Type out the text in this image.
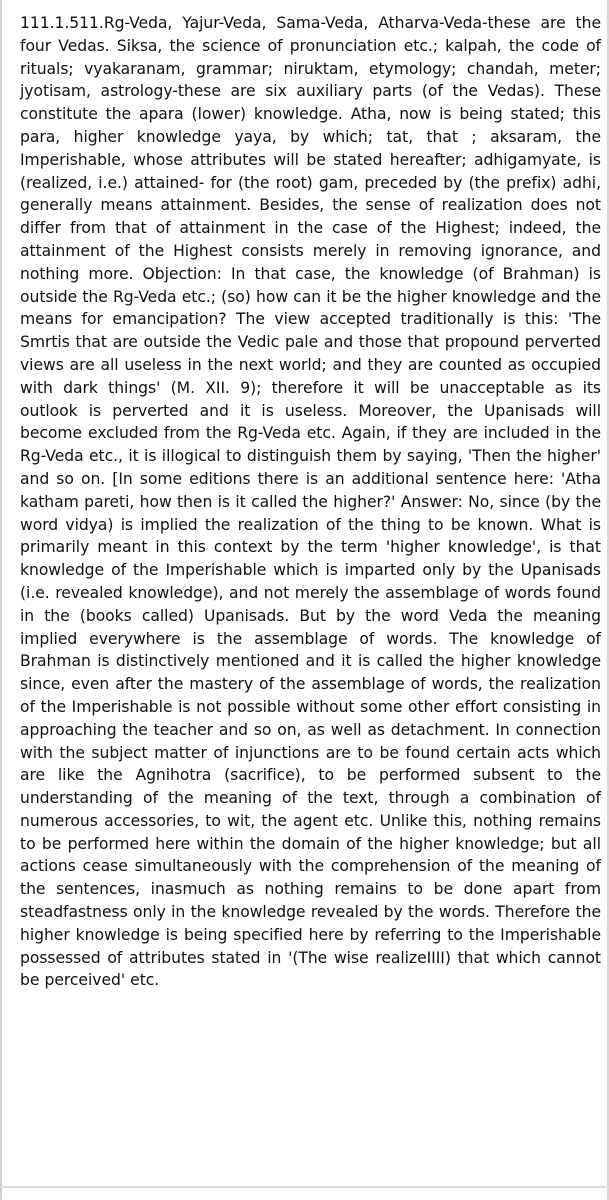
111.1.511.Rg-Veda, Yajur-Veda, Sama-Veda, Atharva-Veda-these are the four Vedas. Siksa, the science of pronunciation etc.; kalpah, the code of rituals; vyakaranam, grammar; niruktam, etymology; chandah, meter; jyotisam, astrology-these are six auxiliary parts (of the Vedas). These constitute the apara (lower) knowledge. Atha, now is being stated; this para, higher knowledge yaya, by which; tat, that ; aksaram, the Imperishable, whose attributes will be stated hereafter; adhigamyate, is (realized, i.e.) attained- for (the root) gam, preceded by (the prefix) adhi, generally means attainment. Besides, the sense of realization does not differ from that of attainment in the case of the Highest; indeed, the attainment of the Highest consists merely in removing ignorance, and nothing more. Objection: In that case, the knowledge (of Brahman) is outside the Rg-Veda etc.; (so) how can it be the higher knowledge and the means for emancipation? The view accepted traditionally is this: 'The Smrtis that are outside the Vedic pale and those that propound perverted views are all useless in the next world; and they are counted as occupied with dark things' (M. XII. 9); therefore it will be unacceptable as its outlook is perverted and it is useless. Moreover, the Upanisads will become excluded from the Rg-Veda etc. Again, if they are included in the Rg-Veda etc., it is illogical to distinguish them by saying, 'Then the higher' and so on. [In some editions there is an additional sentence here: 'Atha katham pareti, how then is it called the higher?' Answer: No, since (by the word vidya) is implied the realization of the thing to be known. What is primarily meant in this context by the term 'higher knowledge', is that knowledge of the Imperishable which is imparted only by the Upanisads (i.e. revealed knowledge), and not merely the assemblage of words found in the (books called) Upanisads. But by the word Veda the meaning implied everywhere is the assemblage of words. The knowledge of Brahman is distinctively mentioned and it is called the higher knowledge since, even after the mastery of the assemblage of words, the realization of the Imperishable is not possible without some other effort consisting in approaching the teacher and so on, as well as detachment. In connection with the subject matter of injunctions are to be found certain acts which are like the Agnihotra (sacrifice), to be performed subsent to the understanding of the meaning of the text, through a combination of numerous accessories, to wit, the agent etc. Unlike this, nothing remains to be performed here within the domain of the higher knowledge; but all actions cease simultaneously with the comprehension of the meaning of the sentences, inasmuch as nothing remains to be done apart from steadfastness only in the knowledge revealed by the words. Therefore the higher knowledge is being specified here by referring to the Imperishable possessed of attributes stated in '(The wise realizeIIII) that which cannot be perceived' etc.
